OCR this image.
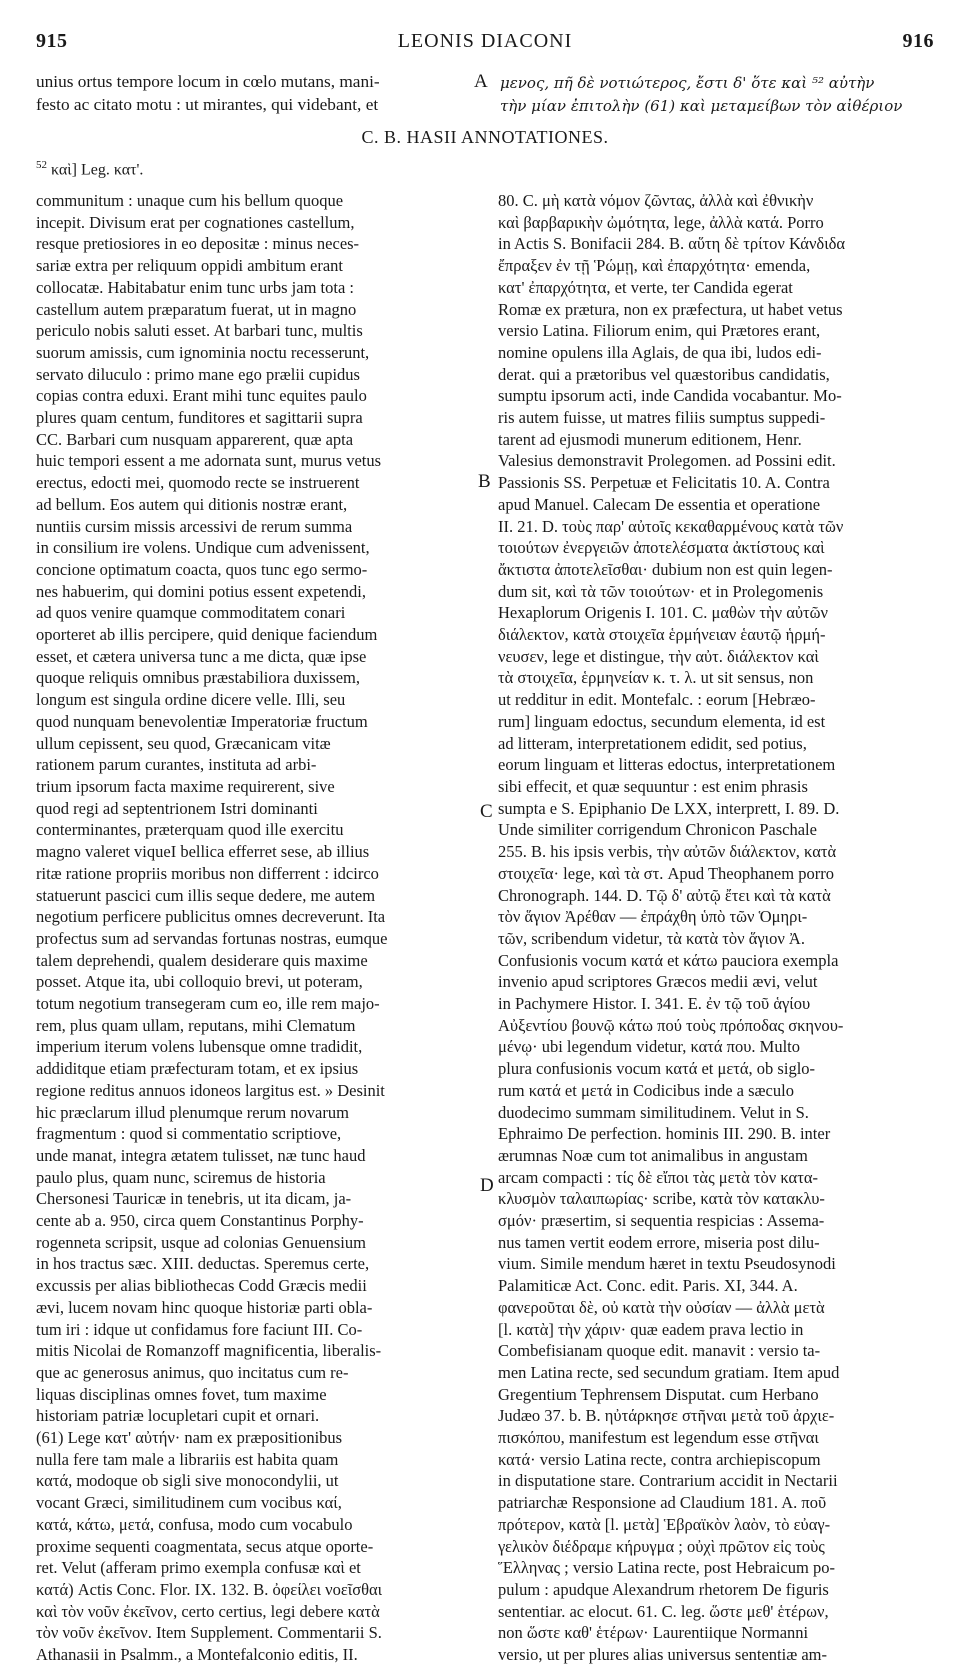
915	LEONIS DIACONI	916
unius ortus tempore locum in cœlo mutans, mani-
festo ac citato motu : ut mirantes, qui videbant, et
A μενος, πῆ δὲ νοτιώτερος, ἔστι δ' ὅτε καὶ ⁵² αὐτὴν
τὴν μίαν ἐπιτολὴν (61) καὶ μεταμείβων τὸν αἰθέριον
C. B. HASII ANNOTATIONES.
$^{52}$ καὶ] Leg. κατ'.
B
C
D
communitum : unaque cum his bellum quoque
incepit. Divisum erat per cognationes castellum,
resque pretiosiores in eo depositæ : minus neces-
sariæ extra per reliquum oppidi ambitum erant
collocatæ. Habitabatur enim tunc urbs jam tota :
castellum autem præparatum fuerat, ut in magno
periculo nobis saluti esset. At barbari tunc, multis
suorum amissis, cum ignominia noctu recesserunt,
servato diluculo : primo mane ego prælii cupidus
copias contra eduxi. Erant mihi tunc equites paulo
plures quam centum, funditores et sagittarii supra
CC. Barbari cum nusquam apparerent, quæ apta
huic tempori essent a me adornata sunt, murus vetus
erectus, edocti mei, quomodo recte se instruerent
ad bellum. Eos autem qui ditionis nostræ erant,
nuntiis cursim missis arcessivi de rerum summa
in consilium ire volens. Undique cum advenissent,
concione optimatum coacta, quos tunc ego sermo-
nes habuerim, qui domini potius essent expetendi,
ad quos venire quamque commoditatem conari
oporteret ab illis percipere, quid denique faciendum
esset, et cætera universa tunc a me dicta, quæ ipse
quoque reliquis omnibus præstabiliora duxissem,
longum est singula ordine dicere velle. Illi, seu
quod nunquam benevolentiæ Imperatoriæ fructum
ullum cepissent, seu quod, Græcanicam vitæ
rationem parum curantes, instituta ad arbi-
trium ipsorum facta maxime requirerent, sive
quod regi ad septentrionem Istri dominanti
conterminantes, præterquam quod ille exercitu
magno valeret viqueI bellica efferret sese, ab illius
ritæ ratione propriis moribus non differrent : idcirco
statuerunt pascici cum illis seque dedere, me autem
negotium perficere publicitus omnes decreverunt. Ita
profectus sum ad servandas fortunas nostras, eumque
talem deprehendi, qualem desiderare quis maxime
posset. Atque ita, ubi colloquio brevi, ut poteram,
totum negotium transegeram cum eo, ille rem majo-
rem, plus quam ullam, reputans, mihi Clematum
imperium iterum volens lubensque omne tradidit,
addiditque etiam præfecturam totam, et ex ipsius
regione reditus annuos idoneos largitus est. » Desinit
hic præclarum illud plenumque rerum novarum
fragmentum : quod si commentatio scriptiove,
unde manat, integra ætatem tulisset, næ tunc haud
paulo plus, quam nunc, sciremus de historia
Chersonesi Tauricæ in tenebris, ut ita dicam, ja-
cente ab a. 950, circa quem Constantinus Porphy-
rogenneta scripsit, usque ad colonias Genuensium
in hos tractus sæc. XIII. deductas. Speremus certe,
excussis per alias bibliothecas Codd Græcis medii
ævi, lucem novam hinc quoque historiæ parti obla-
tum iri : idque ut confidamus fore faciunt III. Co-
mitis Nicolai de Romanzoff magnificentia, liberalis-
que ac generosus animus, quo incitatus cum re-
liquas disciplinas omnes fovet, tum maxime
historiam patriæ locupletari cupit et ornari.
(61) Lege κατ' αὐτήν· nam ex præpositionibus
nulla fere tam male a librariis est habita quam
κατά, modoque ob sigli sive monocondylii, ut
vocant Græci, similitudinem cum vocibus καί,
κατά, κάτω, μετά, confusa, modo cum vocabulo
proxime sequenti coagmentata, secus atque oporte-
ret. Velut (afferam primo exempla confusæ καὶ et
κατά) Actis Conc. Flor. IX. 132. B. ὀφείλει νοεῖσθαι
καὶ τὸν νοῦν ἐκεῖνον, certo certius, legi debere κατὰ
τὸν νοῦν ἐκεῖνον. Item Supplement. Commentarii S.
Athanasii in Psalmm., a Montefalconio editis, II.
80. C. μὴ κατὰ νόμον ζῶντας, ἀλλὰ καὶ ἐθνικὴν
καὶ βαρβαρικὴν ὠμότητα, lege, ἀλλὰ κατά. Porro
in Actis S. Bonifacii 284. B. αὕτη δὲ τρίτον Κάνδιδα
ἔπραξεν ἐν τῇ Ῥώμῃ, καὶ ἐπαρχότητα· emenda,
κατ' ἐπαρχότητα, et verte, ter Candida egerat
Romæ ex prætura, non ex præfectura, ut habet vetus
versio Latina. Filiorum enim, qui Prætores erant,
nomine opulens illa Aglais, de qua ibi, ludos edi-
derat. qui a prætoribus vel quæstoribus candidatis,
sumptu ipsorum acti, inde Candida vocabantur. Mo-
ris autem fuisse, ut matres filiis sumptus suppedi-
tarent ad ejusmodi munerum editionem, Henr.
Valesius demonstravit Prolegomen. ad Possini edit.
Passionis SS. Perpetuæ et Felicitatis 10. A. Contra
apud Manuel. Calecam De essentia et operatione
II. 21. D. τοὺς παρ' αὐτοῖς κεκαθαρμένους κατὰ τῶν
τοιούτων ἐνεργειῶν ἀποτελέσματα ἀκτίστους καὶ
ἄκτιστα ἀποτελεῖσθαι· dubium non est quin legen-
dum sit, καὶ τὰ τῶν τοιούτων· et in Prolegomenis
Hexaplorum Origenis I. 101. C. μαθὼν τὴν αὐτῶν
διάλεκτον, κατὰ στοιχεῖα ἑρμήνειαν ἑαυτῷ ἡρμή-
νευσεν, lege et distingue, τὴν αὐτ. διάλεκτον καὶ
τὰ στοιχεῖα, ἑρμηνείαν κ. τ. λ. ut sit sensus, non
ut redditur in edit. Montefalc. : eorum [Hebræo-
rum] linguam edoctus, secundum elementa, id est
ad litteram, interpretationem edidit, sed potius,
eorum linguam et litteras edoctus, interpretationem
sibi effecit, et quæ sequuntur : est enim phrasis
sumpta e S. Epiphanio De LXX, interprett, I. 89. D.
Unde similiter corrigendum Chronicon Paschale
255. B. his ipsis verbis, τὴν αὐτῶν διάλεκτον, κατὰ
στοιχεῖα· lege, καὶ τὰ στ. Apud Theophanem porro
Chronograph. 144. D. Τῷ δ' αὐτῷ ἔτει καὶ τὰ κατὰ
τὸν ἅγιον Ἀρέθαν — ἐπράχθη ὑπὸ τῶν Ὁμηρι-
τῶν, scribendum videtur, τὰ κατὰ τὸν ἅγιον Ἀ.
Confusionis vocum κατά et κάτω pauciora exempla
invenio apud scriptores Græcos medii ævi, velut
in Pachymere Histor. I. 341. E. ἐν τῷ τοῦ ἁγίου
Αὐξεντίου βουνῷ κάτω πού τοὺς πρόποδας σκηνου-
μένῳ· ubi legendum videtur, κατά που. Multo
plura confusionis vocum κατά et μετά, ob siglo-
rum κατά et μετά in Codicibus inde a sæculo
duodecimo summam similitudinem. Velut in S.
Ephraimo De perfection. hominis III. 290. B. inter
ærumnas Noæ cum tot animalibus in angustam
arcam compacti : τίς δὲ εἴποι τὰς μετὰ τὸν κατα-
κλυσμὸν ταλαιπωρίας· scribe, κατὰ τὸν κατακλυ-
σμόν· præsertim, si sequentia respicias : Assema-
nus tamen vertit eodem errore, miseria post dilu-
vium. Simile mendum hæret in textu Pseudosynodi
Palamiticæ Act. Conc. edit. Paris. XI, 344. A.
φανεροῦται δὲ, οὐ κατὰ τὴν οὐσίαν — ἀλλὰ μετὰ
[l. κατὰ] τὴν χάριν· quæ eadem prava lectio in
Combefisianam quoque edit. manavit : versio ta-
men Latina recte, sed secundum gratiam. Item apud
Gregentium Tephrensem Disputat. cum Herbano
Judæo 37. b. B. ηὐτάρκησε στῆναι μετὰ τοῦ ἀρχιε-
πισκόπου, manifestum est legendum esse στῆναι
κατά· versio Latina recte, contra archiepiscopum
in disputatione stare. Contrarium accidit in Nectarii
patriarchæ Responsione ad Claudium 181. A. ποῦ
πρότερον, κατὰ [l. μετὰ] Ἑβραϊκὸν λαὸν, τὸ εὐαγ-
γελικὸν διέδραμε κήρυγμα ; οὐχὶ πρῶτον εἰς τοὺς
Ἕλληνας ; versio Latina recte, post Hebraicum po-
pulum : apudque Alexandrum rhetorem De figuris
sententiar. ac elocut. 61. C. leg. ὥστε μεθ' ἑτέρων,
non ὥστε καθ' ἑτέρων· Laurentiique Normanni
versio, ut per plures alias universus sententiæ am-
